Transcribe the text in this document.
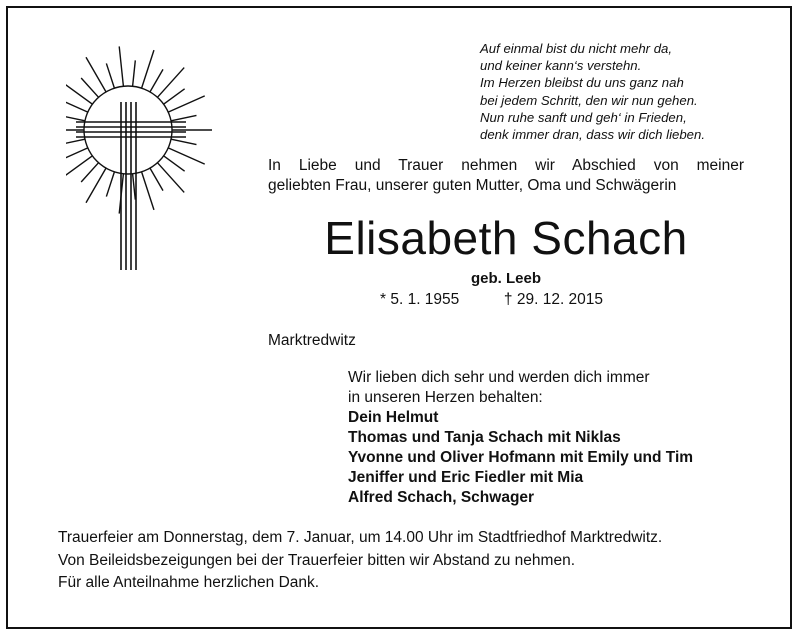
Auf einmal bist du nicht mehr da,
und keiner kann‘s verstehn.
Im Herzen bleibst du uns ganz nah
bei jedem Schritt, den wir nun gehen.
Nun ruhe sanft und geh‘ in Frieden,
denk immer dran, dass wir dich lieben.
In Liebe und Trauer nehmen wir Abschied von meiner
geliebten Frau, unserer guten Mutter, Oma und Schwägerin
Elisabeth Schach
geb. Leeb
* 5. 1. 1955	† 29. 12. 2015
Marktredwitz
Wir lieben dich sehr und werden dich immer
in unseren Herzen behalten:
Dein Helmut
Thomas und Tanja Schach mit Niklas
Yvonne und Oliver Hofmann mit Emily und Tim
Jeniffer und Eric Fiedler mit Mia
Alfred Schach, Schwager
Trauerfeier am Donnerstag, dem 7. Januar, um 14.00 Uhr im Stadtfriedhof Marktredwitz.
Von Beileidsbezeigungen bei der Trauerfeier bitten wir Abstand zu nehmen.
Für alle Anteilnahme herzlichen Dank.
